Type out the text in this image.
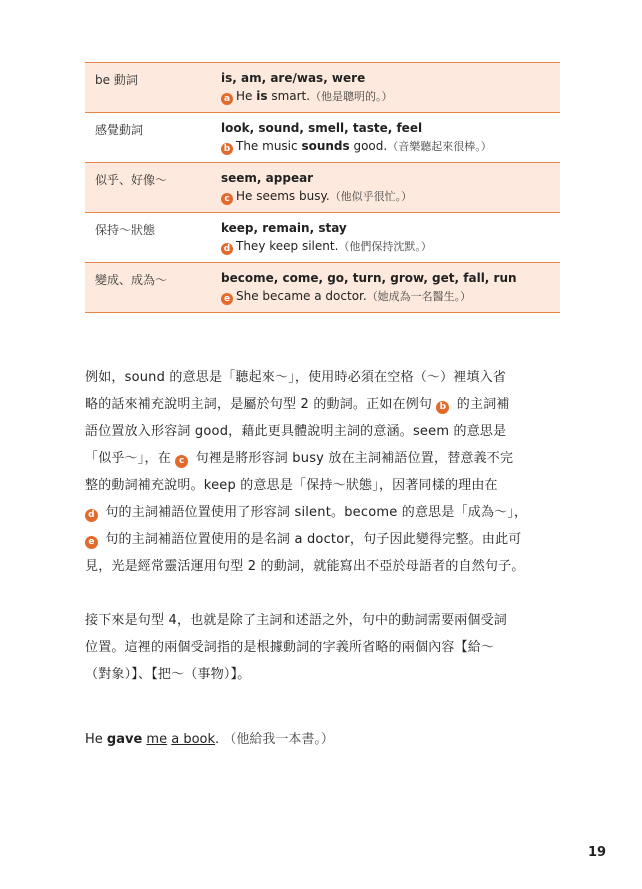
be 動詞	is, am, are/was, were
a He is smart.（他是聰明的。）

感覺動詞	look, sound, smell, taste, feel
b The music sounds good.（音樂聽起來很棒。）

似乎、好像～	seem, appear
c He seems busy.（他似乎很忙。）

保持～狀態	keep, remain, stay
d They keep silent.（他們保持沈默。）

變成、成為～	become, come, go, turn, grow, get, fall, run
e She became a doctor.（她成為一名醫生。）

例如，sound 的意思是「聽起來～」，使用時必須在空格（～）裡填入省
略的話來補充說明主詞，是屬於句型 2 的動詞。正如在例句 b 的主詞補
語位置放入形容詞 good，藉此更具體說明主詞的意涵。seem 的意思是
「似乎～」，在 c 句裡是將形容詞 busy 放在主詞補語位置，替意義不完
整的動詞補充說明。keep 的意思是「保持～狀態」，因著同樣的理由在
d 句的主詞補語位置使用了形容詞 silent。become 的意思是「成為～」，
e 句的主詞補語位置使用的是名詞 a doctor，句子因此變得完整。由此可
見，光是經常靈活運用句型 2 的動詞，就能寫出不亞於母語者的自然句子。

接下來是句型 4，也就是除了主詞和述語之外，句中的動詞需要兩個受詞
位置。這裡的兩個受詞指的是根據動詞的字義所省略的兩個內容【給～
（對象）】、【把～（事物）】。

He gave me a book. （他給我一本書。）
19
